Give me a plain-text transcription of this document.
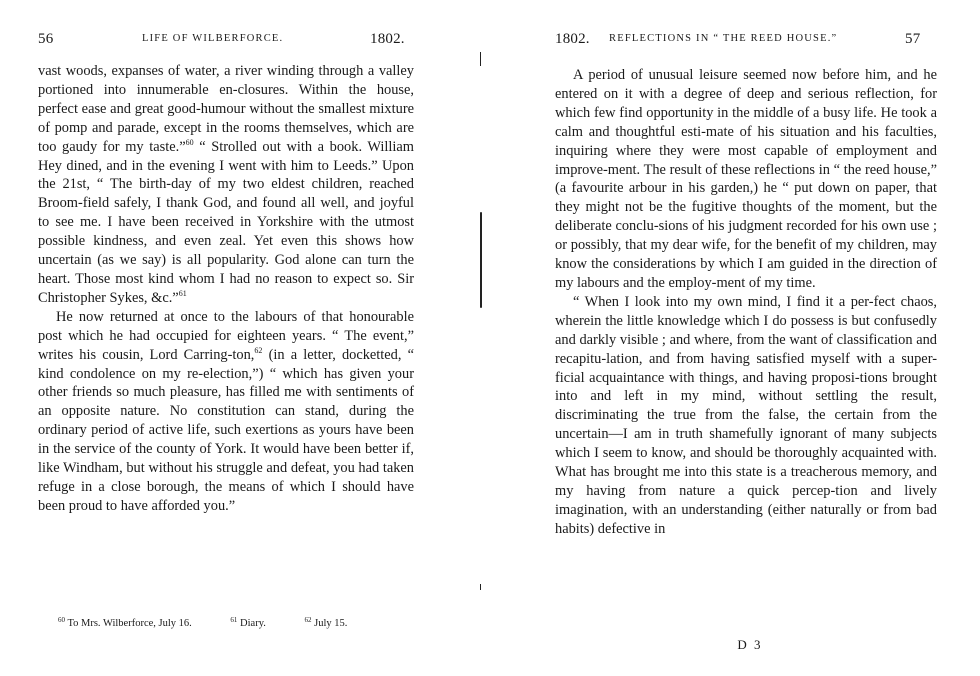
56	LIFE OF WILBERFORCE.	1802.

vast woods, expanses of water, a river winding through a valley portioned into innumerable en-closures. Within the house, perfect ease and great good-humour without the smallest mixture of pomp and parade, except in the rooms themselves, which are too gaudy for my taste.”$^{60}$ “ Strolled out with a book. William Hey dined, and in the evening I went with him to Leeds.” Upon the 21st, “ The birth-day of my two eldest children, reached Broom-field safely, I thank God, and found all well, and joyful to see me. I have been received in Yorkshire with the utmost possible kindness, and even zeal. Yet even this shows how uncertain (as we say) is all popularity. God alone can turn the heart. Those most kind whom I had no reason to expect so. Sir Christopher Sykes, &c.”$^{61}$

He now returned at once to the labours of that honourable post which he had occupied for eighteen years. “ The event,” writes his cousin, Lord Carring-ton,$^{62}$ (in a letter, docketted, “ kind condolence on my re-election,”) “ which has given your other friends so much pleasure, has filled me with sentiments of an opposite nature. No constitution can stand, during the ordinary period of active life, such exertions as yours have been in the service of the county of York. It would have been better if, like Windham, but without his struggle and defeat, you had taken refuge in a close borough, the means of which I should have been proud to have afforded you.”

$^{60}$ To Mrs. Wilberforce, July 16.	$^{61}$ Diary.	$^{62}$ July 15.
1802. REFLECTIONS IN “ THE REED HOUSE.”	57

A period of unusual leisure seemed now before him, and he entered on it with a degree of deep and serious reflection, for which few find opportunity in the middle of a busy life. He took a calm and thoughtful esti-mate of his situation and his faculties, inquiring where they were most capable of employment and improve-ment. The result of these reflections in “ the reed house,” (a favourite arbour in his garden,) he “ put down on paper, that they might not be the fugitive thoughts of the moment, but the deliberate conclu-sions of his judgment recorded for his own use ; or possibly, that my dear wife, for the benefit of my children, may know the considerations by which I am guided in the direction of my labours and the employ-ment of my time.

“ When I look into my own mind, I find it a per-fect chaos, wherein the little knowledge which I do possess is but confusedly and darkly visible ; and where, from the want of classification and recapitu-lation, and from having satisfied myself with a super-ficial acquaintance with things, and having proposi-tions brought into and left in my mind, without settling the result, discriminating the true from the false, the certain from the uncertain—I am in truth shamefully ignorant of many subjects which I seem to know, and should be thoroughly acquainted with. What has brought me into this state is a treacherous memory, and my having from nature a quick percep-tion and lively imagination, with an understanding (either naturally or from bad habits) defective in

D 3
